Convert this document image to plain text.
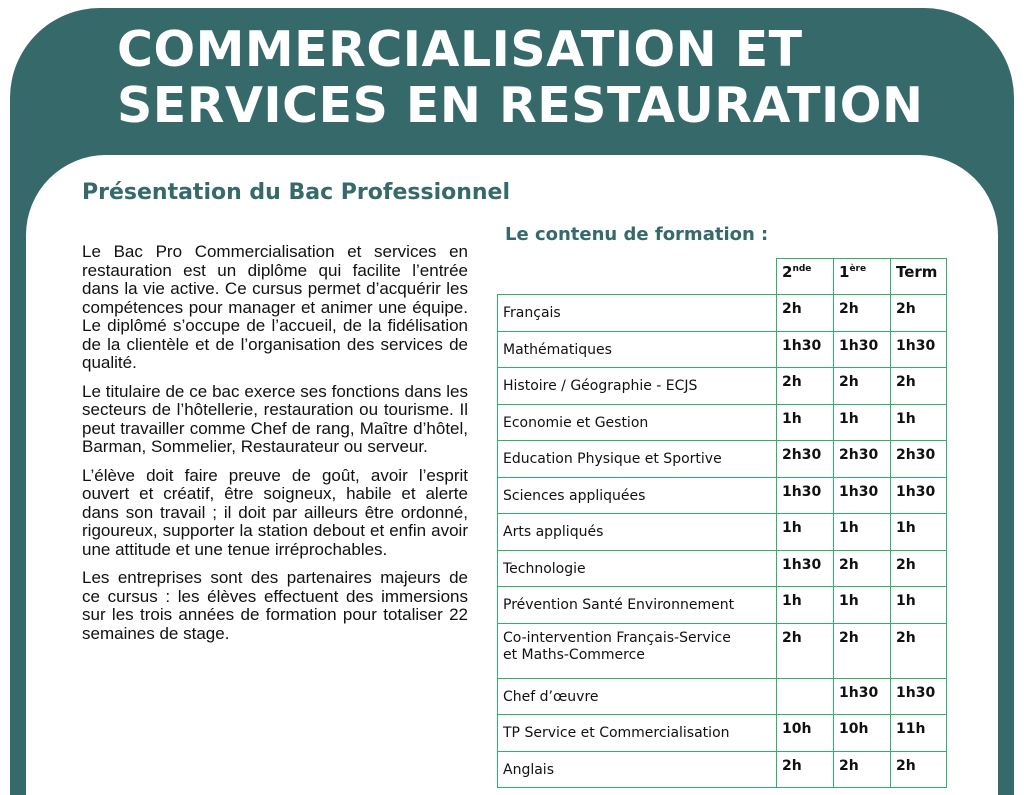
COMMERCIALISATION ET
SERVICES EN RESTAURATION
Présentation du Bac Professionnel

Le Bac Pro Commercialisation et services en restauration est un diplôme qui facilite l’entrée dans la vie active. Ce cursus permet d’acquérir les compétences pour manager et animer une équipe. Le diplômé s’occupe de l’accueil, de la fidélisation de la clientèle et de l’organisation des services de qualité.

Le titulaire de ce bac exerce ses fonctions dans les secteurs de l’hôtellerie, restauration ou tourisme. Il peut travailler comme Chef de rang, Maître d’hôtel, Barman, Sommelier, Restaurateur ou serveur.

L’élève doit faire preuve de goût, avoir l’esprit ouvert et créatif, être soigneux, habile et alerte dans son travail ; il doit par ailleurs être ordonné, rigoureux, supporter la station debout et enfin avoir une attitude et une tenue irréprochables.

Les entreprises sont des partenaires majeurs de ce cursus : les élèves effectuent des immersions sur les trois années de formation pour totaliser 22 semaines de stage.

Le contenu de formation :
	2nde	1ère	Term
Français	2h	2h	2h
Mathématiques	1h30	1h30	1h30
Histoire / Géographie - ECJS	2h	2h	2h
Economie et Gestion	1h	1h	1h
Education Physique et Sportive	2h30	2h30	2h30
Sciences appliquées	1h30	1h30	1h30
Arts appliqués	1h	1h	1h
Technologie	1h30	2h	2h
Prévention Santé Environnement	1h	1h	1h
Co-intervention Français-Service
et Maths-Commerce	2h	2h	2h
Chef d’œuvre		1h30	1h30
TP Service et Commercialisation	10h	10h	11h
Anglais	2h	2h	2h
